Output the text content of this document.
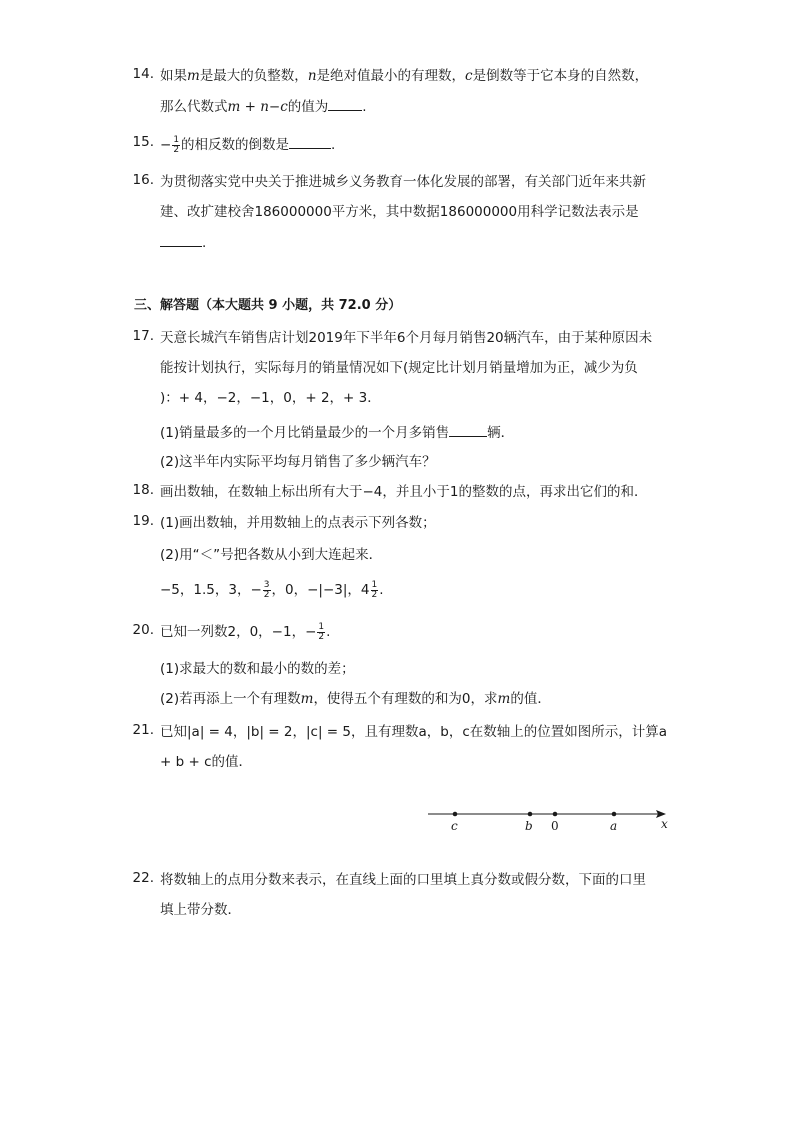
14. 如果m是最大的负整数，n是绝对值最小的有理数，c是倒数等于它本身的自然数，
那么代数式m + n−c的值为	.
15. − $\frac{1}{2}$ 的相反数的倒数是	.
16. 为贯彻落实党中央关于推进城乡义务教育一体化发展的部署，有关部门近年来共新
建、改扩建校舍186000000平方米，其中数据186000000用科学记数法表示是
.
三、解答题（本大题共 9 小题，共 72.0 分）
17. 天意长城汽车销售店计划2019年下半年6个月每月销售20辆汽车，由于某种原因未
能按计划执行，实际每月的销量情况如下(规定比计划月销量增加为正，减少为负
)：+ 4，−2，−1，0，+ 2，+ 3．
(1)销量最多的一个月比销量最少的一个月多销售	辆．
(2)这半年内实际平均每月销售了多少辆汽车？
18. 画出数轴，在数轴上标出所有大于−4，并且小于1的整数的点，再求出它们的和．
19. (1)画出数轴，并用数轴上的点表示下列各数；
(2)用“＜”号把各数从小到大连起来．
−5，1.5，3，− $\frac{3}{2}$ ，0，−|−3|，$4 \frac{1}{2}$ .
20. 已知一列数2，0，−1，− $\frac{1}{2}$ .
(1)求最大的数和最小的数的差；
(2)若再添上一个有理数m，使得五个有理数的和为0，求m的值．
21. 已知|a| = 4，|b| = 2，|c| = 5，且有理数a，b，c在数轴上的位置如图所示，计算a
+ b + c的值．
c	b 0	a	x
22. 将数轴上的点用分数来表示，在直线上面的口里填上真分数或假分数，下面的口里
填上带分数．
